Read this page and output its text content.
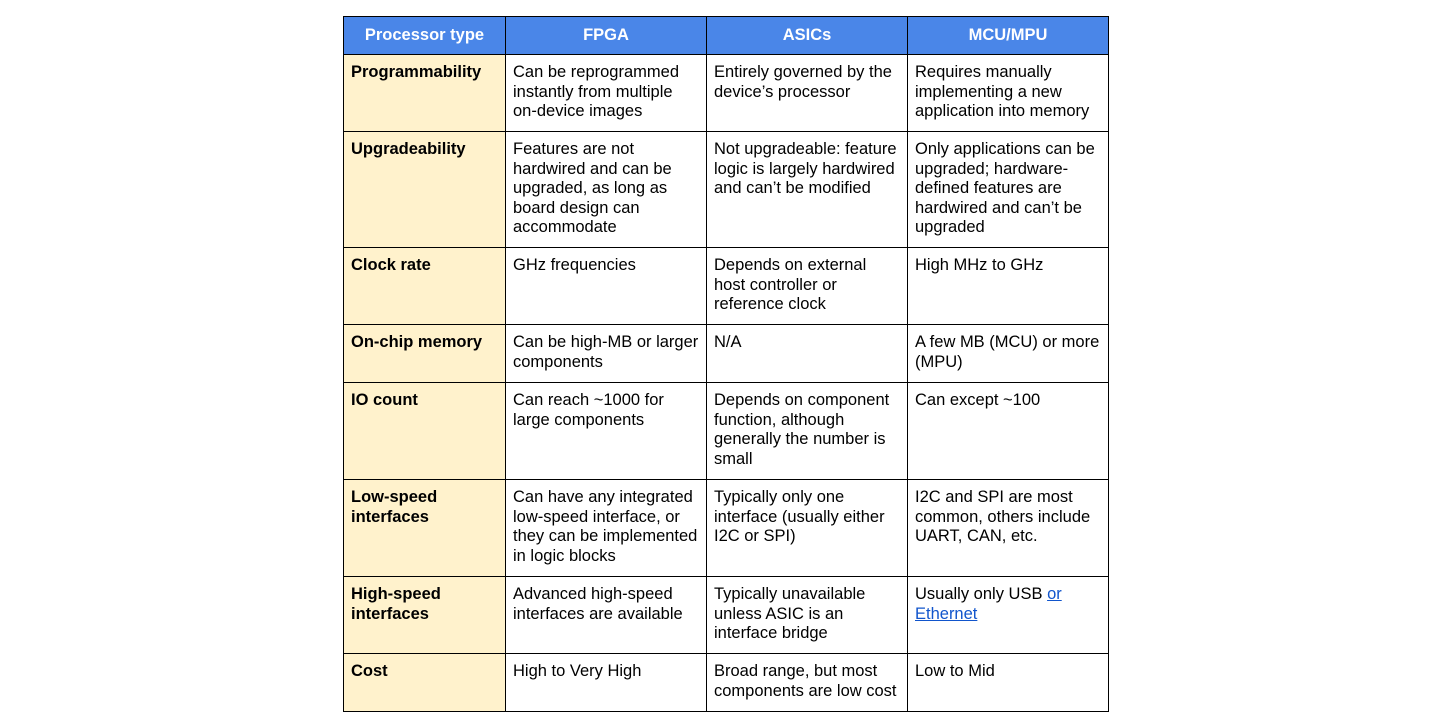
Processor type	FPGA	ASICs	MCU/MPU
Programmability	Can be reprogrammed instantly from multiple on-device images	Entirely governed by the device’s processor	Requires manually implementing a new application into memory
Upgradeability	Features are not hardwired and can be upgraded, as long as board design can accommodate	Not upgradeable: feature logic is largely hardwired and can’t be modified	Only applications can be upgraded; hardware-defined features are hardwired and can’t be upgraded
Clock rate	GHz frequencies	Depends on external host controller or reference clock	High MHz to GHz
On-chip memory	Can be high-MB or larger components	N/A	A few MB (MCU) or more (MPU)
IO count	Can reach ~1000 for large components	Depends on component function, although generally the number is small	Can except ~100
Low-speed interfaces	Can have any integrated low-speed interface, or they can be implemented in logic blocks	Typically only one interface (usually either I2C or SPI)	I2C and SPI are most common, others include UART, CAN, etc.
High-speed interfaces	Advanced high-speed interfaces are available	Typically unavailable unless ASIC is an interface bridge	Usually only USB or Ethernet
Cost	High to Very High	Broad range, but most components are low cost	Low to Mid
